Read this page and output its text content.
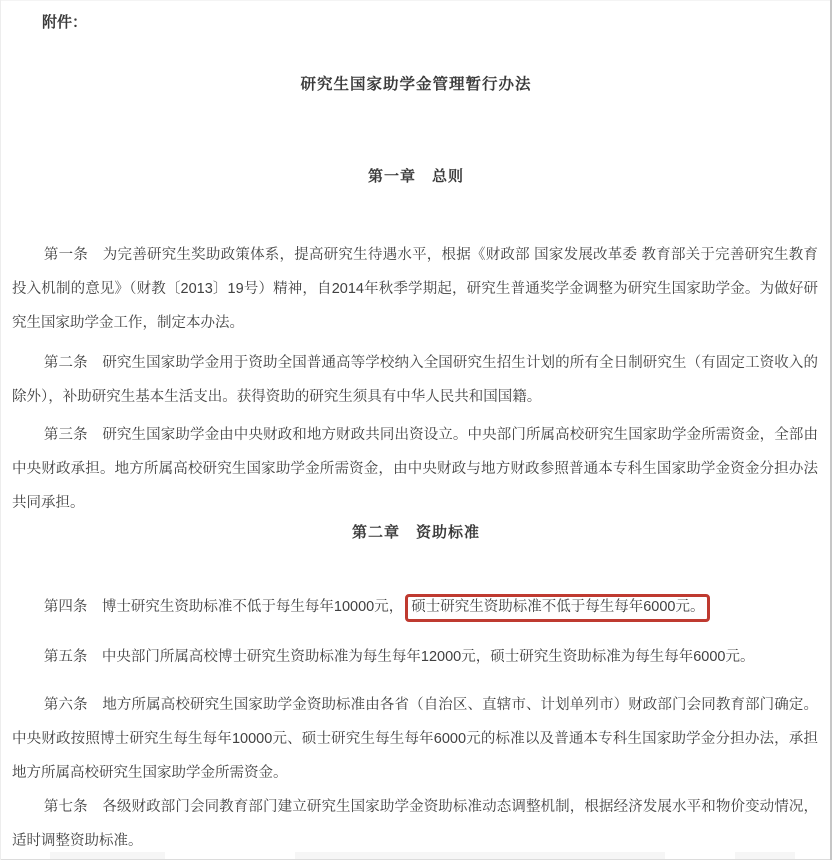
附件：
研究生国家助学金管理暂行办法
第一章　总则

第一条　为完善研究生奖助政策体系，提高研究生待遇水平，根据《财政部 国家发展改革委 教育部关于完善研究生教育投入机制的意见》（财教〔2013〕19号）精神，自2014年秋季学期起，研究生普通奖学金调整为研究生国家助学金。为做好研究生国家助学金工作，制定本办法。

第二条　研究生国家助学金用于资助全国普通高等学校纳入全国研究生招生计划的所有全日制研究生（有固定工资收入的除外），补助研究生基本生活支出。获得资助的研究生须具有中华人民共和国国籍。

第三条　研究生国家助学金由中央财政和地方财政共同出资设立。中央部门所属高校研究生国家助学金所需资金，全部由中央财政承担。地方所属高校研究生国家助学金所需资金，由中央财政与地方财政参照普通本专科生国家助学金资金分担办法共同承担。

第二章　资助标准

第四条　博士研究生资助标准不低于每生每年10000元， 硕士研究生资助标准不低于每生每年6000元。

第五条　中央部门所属高校博士研究生资助标准为每生每年12000元，硕士研究生资助标准为每生每年6000元。

第六条　地方所属高校研究生国家助学金资助标准由各省（自治区、直辖市、计划单列市）财政部门会同教育部门确定。中央财政按照博士研究生每生每年10000元、硕士研究生每生每年6000元的标准以及普通本专科生国家助学金分担办法，承担地方所属高校研究生国家助学金所需资金。

第七条　各级财政部门会同教育部门建立研究生国家助学金资助标准动态调整机制，根据经济发展水平和物价变动情况，适时调整资助标准。
